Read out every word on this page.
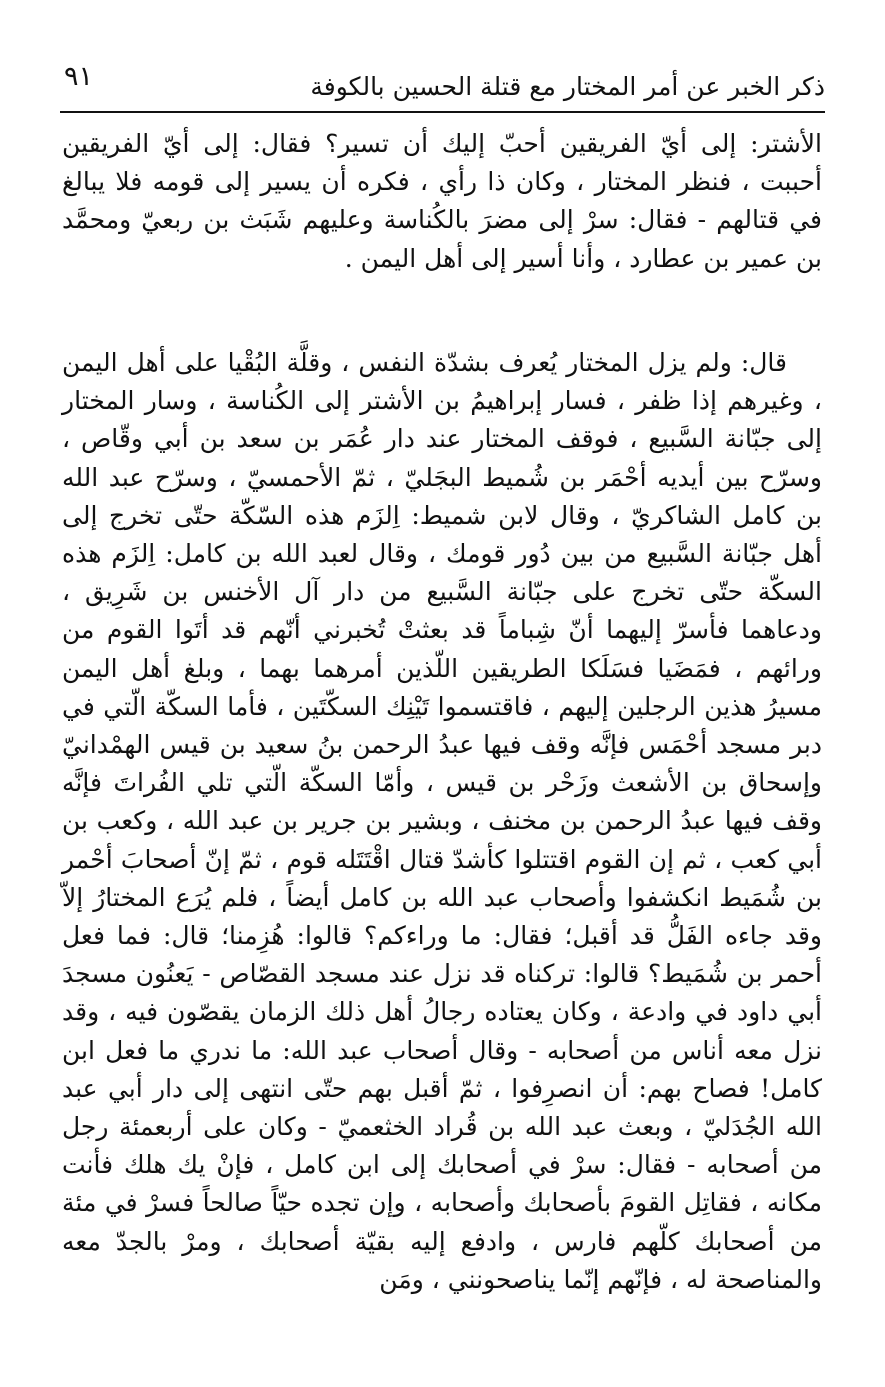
ذكر الخبر عن أمر المختار مع قتلة الحسين بالكوفة
٩١

الأشتر: إلى أيّ الفريقين أحبّ إليك أن تسير؟ فقال: إلى أيّ الفريقين أحببت ، فنظر المختار ، وكان ذا رأي ، فكره أن يسير إلى قومه فلا يبالغ في قتالهم - فقال: سرْ إلى مضرَ بالكُناسة وعليهم شَبَث بن ربعيّ ومحمَّد بن عمير بن عطارد ، وأنا أسير إلى أهل اليمن .

قال: ولم يزل المختار يُعرف بشدّة النفس ، وقلَّة البُقْيا على أهل اليمن ، وغيرهم إذا ظفر ، فسار إبراهيمُ بن الأشتر إلى الكُناسة ، وسار المختار إلى جبّانة السَّبيع ، فوقف المختار عند دار عُمَر بن سعد بن أبي وقّاص ، وسرّح بين أيديه أحْمَر بن شُميط البجَليّ ، ثمّ الأحمسيّ ، وسرّح عبد الله بن كامل الشاكريّ ، وقال لابن شميط: اِلزَم هذه السّكّة حتّى تخرج إلى أهل جبّانة السَّبيع من بين دُور قومك ، وقال لعبد الله بن كامل: اِلزَم هذه السكّة حتّى تخرج على جبّانة السَّبيع من دار آل الأخنس بن شَرِيق ، ودعاهما فأسرّ إليهما أنّ شِباماً قد بعثتْ تُخبرني أنّهم قد أتَوا القوم من ورائهم ، فمَضَيا فسَلَكا الطريقين اللّذين أمرهما بهما ، وبلغ أهل اليمن مسيرُ هذين الرجلين إليهم ، فاقتسموا تَيْنِك السكّتَين ، فأما السكّة الّتي في دبر مسجد أحْمَس فإنَّه وقف فيها عبدُ الرحمن بنُ سعيد بن قيس الهمْدانيّ وإسحاق بن الأشعث وزَحْر بن قيس ، وأمّا السكّة الّتي تلي الفُراتَ فإنَّه وقف فيها عبدُ الرحمن بن مخنف ، وبشير بن جرير بن عبد الله ، وكعب بن أبي كعب ، ثم إن القوم اقتتلوا كأشدّ قتال اقْتَتَله قوم ، ثمّ إنّ أصحابَ أحْمر بن شُمَيط انكشفوا وأصحاب عبد الله بن كامل أيضاً ، فلم يُرَع المختارُ إلاّ وقد جاءه الفَلُّ قد أقبل؛ فقال: ما وراءكم؟ قالوا: هُزِمنا؛ قال: فما فعل أحمر بن شُمَيط؟ قالوا: تركناه قد نزل عند مسجد القصّاص - يَعنُون مسجدَ أبي داود في وادعة ، وكان يعتاده رجالُ أهل ذلك الزمان يقصّون فيه ، وقد نزل معه أناس من أصحابه - وقال أصحاب عبد الله: ما ندري ما فعل ابن كامل! فصاح بهم: أن انصرِفوا ، ثمّ أقبل بهم حتّى انتهى إلى دار أبي عبد الله الجُدَليّ ، وبعث عبد الله بن قُراد الخثعميّ - وكان على أربعمئة رجل من أصحابه - فقال: سرْ في أصحابك إلى ابن كامل ، فإنْ يك هلك فأنت مكانه ، فقاتِل القومَ بأصحابك وأصحابه ، وإن تجده حيّاً صالحاً فسرْ في مئة من أصحابك كلّهم فارس ، وادفع إليه بقيّة أصحابك ، ومرْ بالجدّ معه والمناصحة له ، فإنّهم إنّما يناصحونني ، ومَن
